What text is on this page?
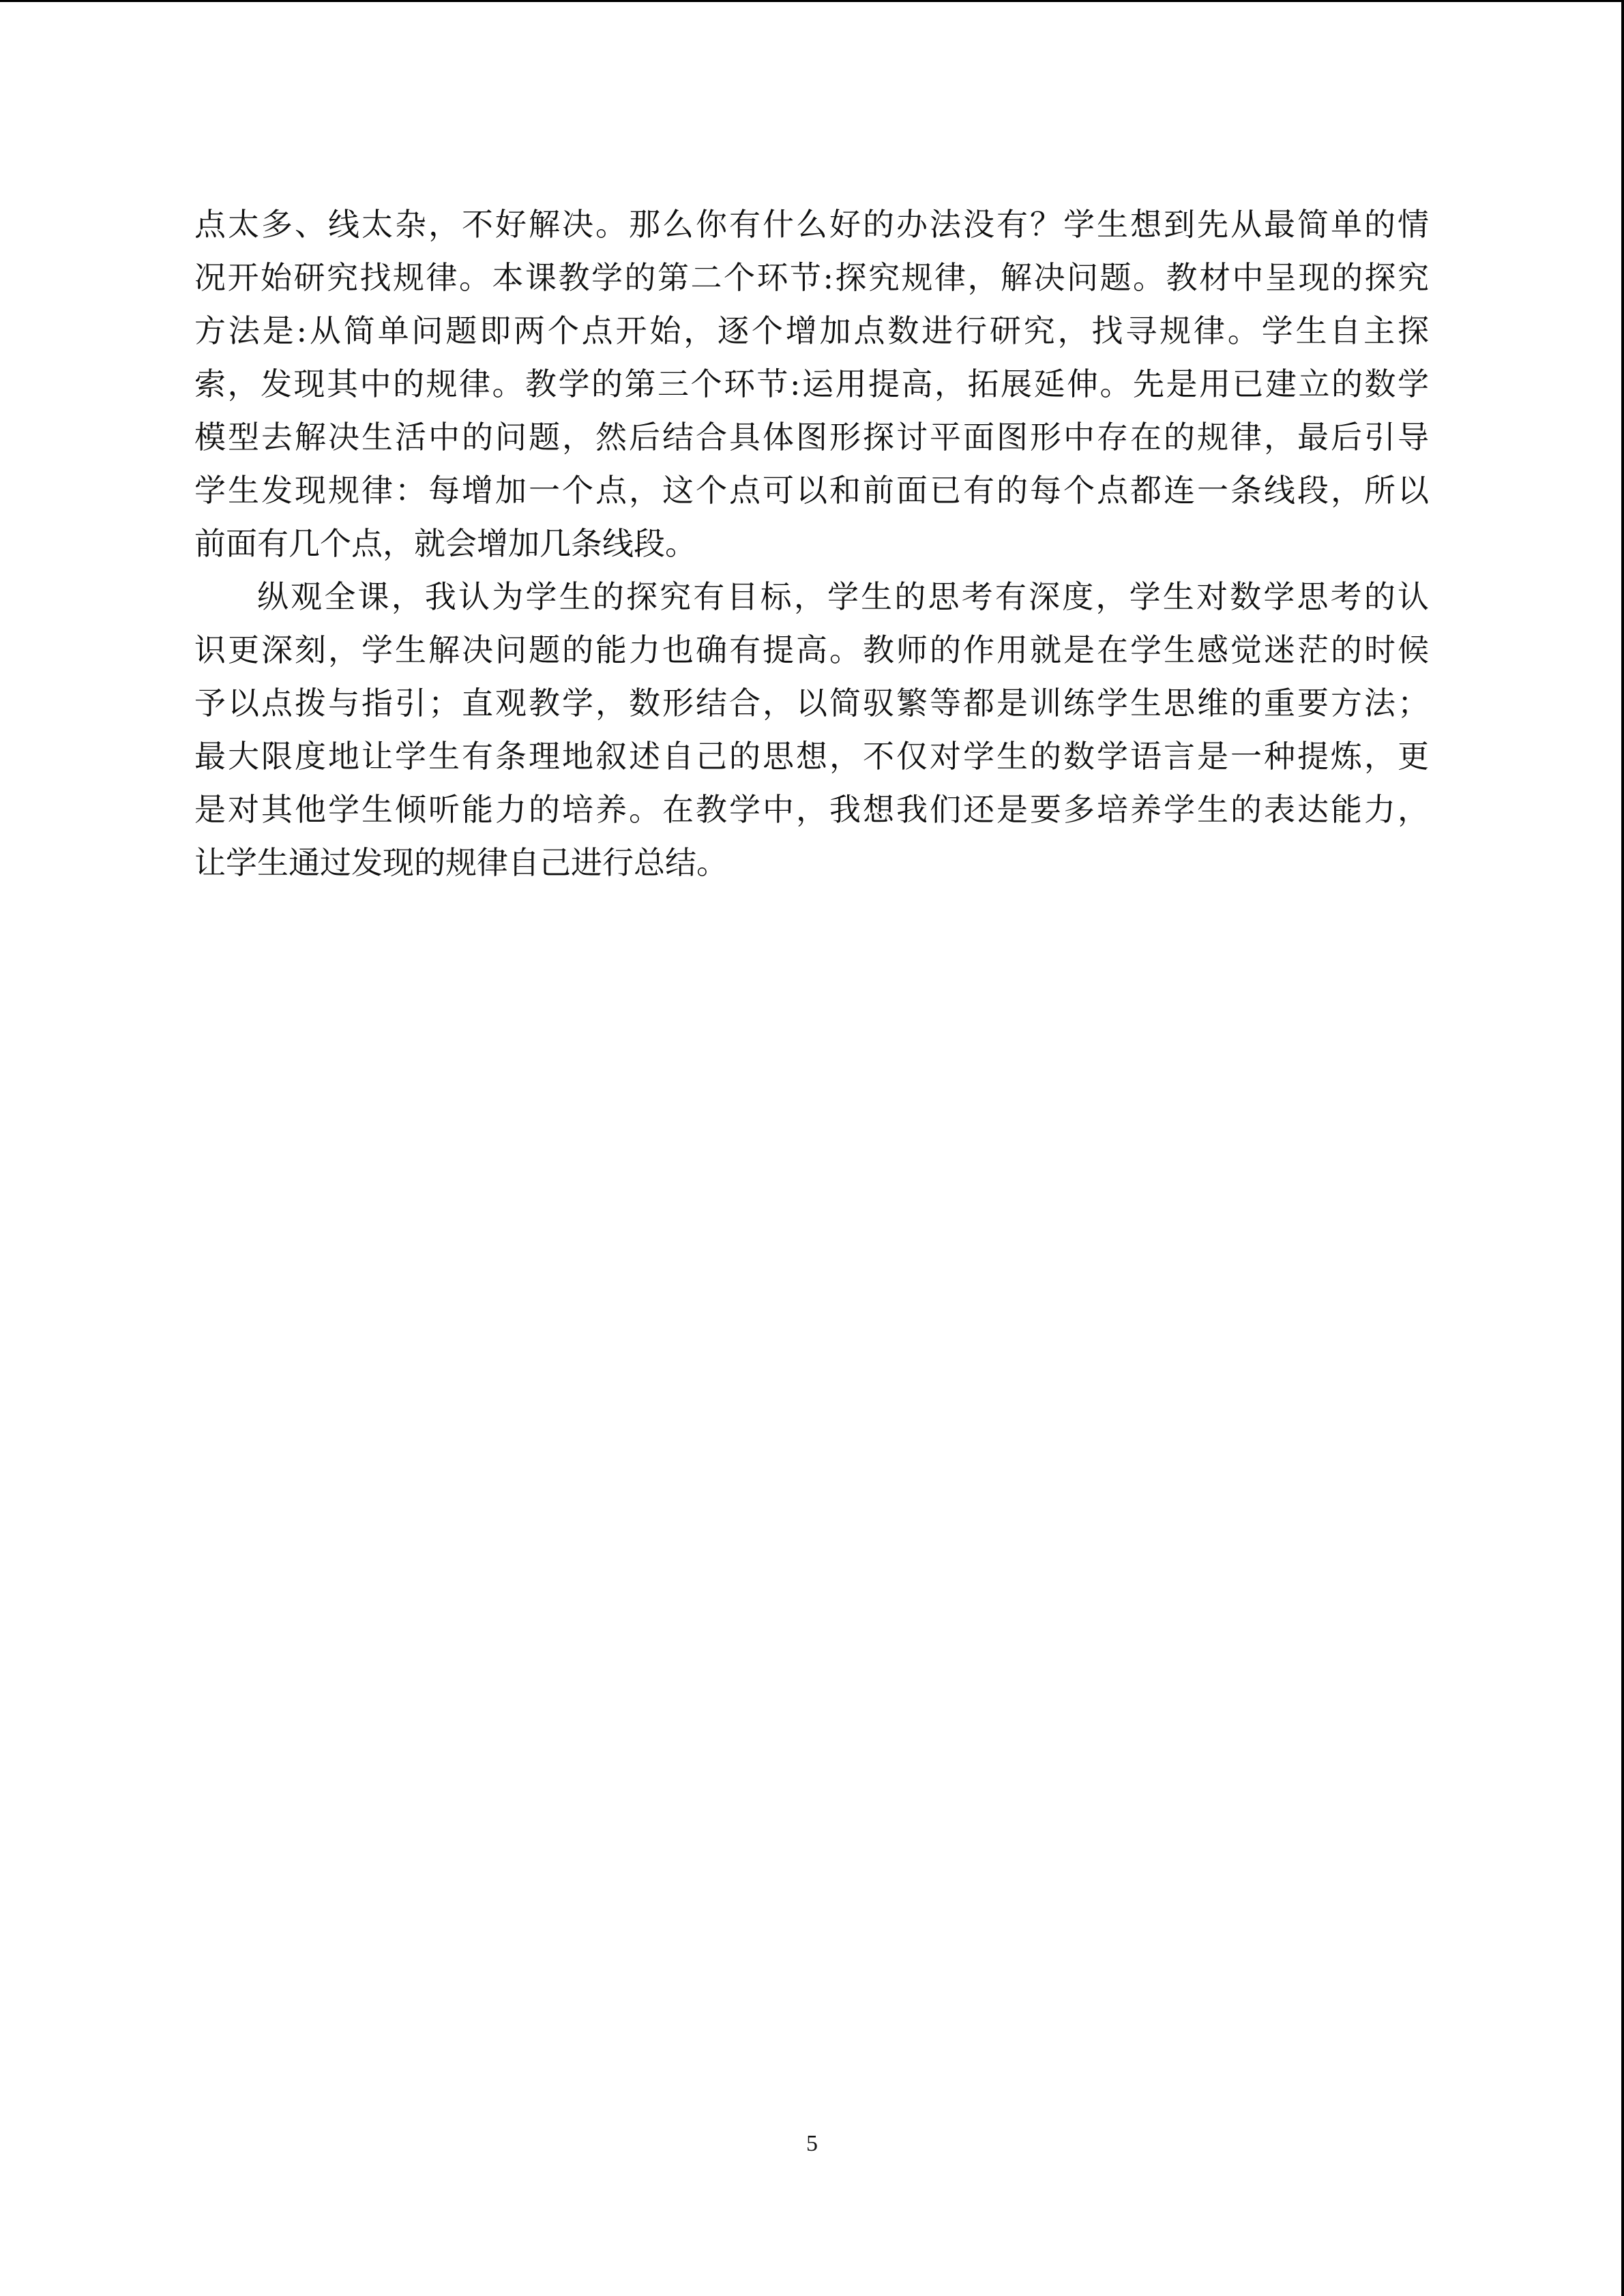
点太多、线太杂，不好解决。那么你有什么好的办法没有？学生想到先从最简单的情
况开始研究找规律。本课教学的第二个环节:探究规律，解决问题。教材中呈现的探究
方法是:从简单问题即两个点开始，逐个增加点数进行研究，找寻规律。学生自主探
索，发现其中的规律。教学的第三个环节:运用提高，拓展延伸。先是用已建立的数学
模型去解决生活中的问题，然后结合具体图形探讨平面图形中存在的规律，最后引导
学生发现规律：每增加一个点，这个点可以和前面已有的每个点都连一条线段，所以
前面有几个点，就会增加几条线段。
纵观全课，我认为学生的探究有目标，学生的思考有深度，学生对数学思考的认
识更深刻，学生解决问题的能力也确有提高。教师的作用就是在学生感觉迷茫的时候
予以点拨与指引；直观教学，数形结合，以简驭繁等都是训练学生思维的重要方法；
最大限度地让学生有条理地叙述自己的思想，不仅对学生的数学语言是一种提炼，更
是对其他学生倾听能力的培养。在教学中，我想我们还是要多培养学生的表达能力，
让学生通过发现的规律自己进行总结。
5
